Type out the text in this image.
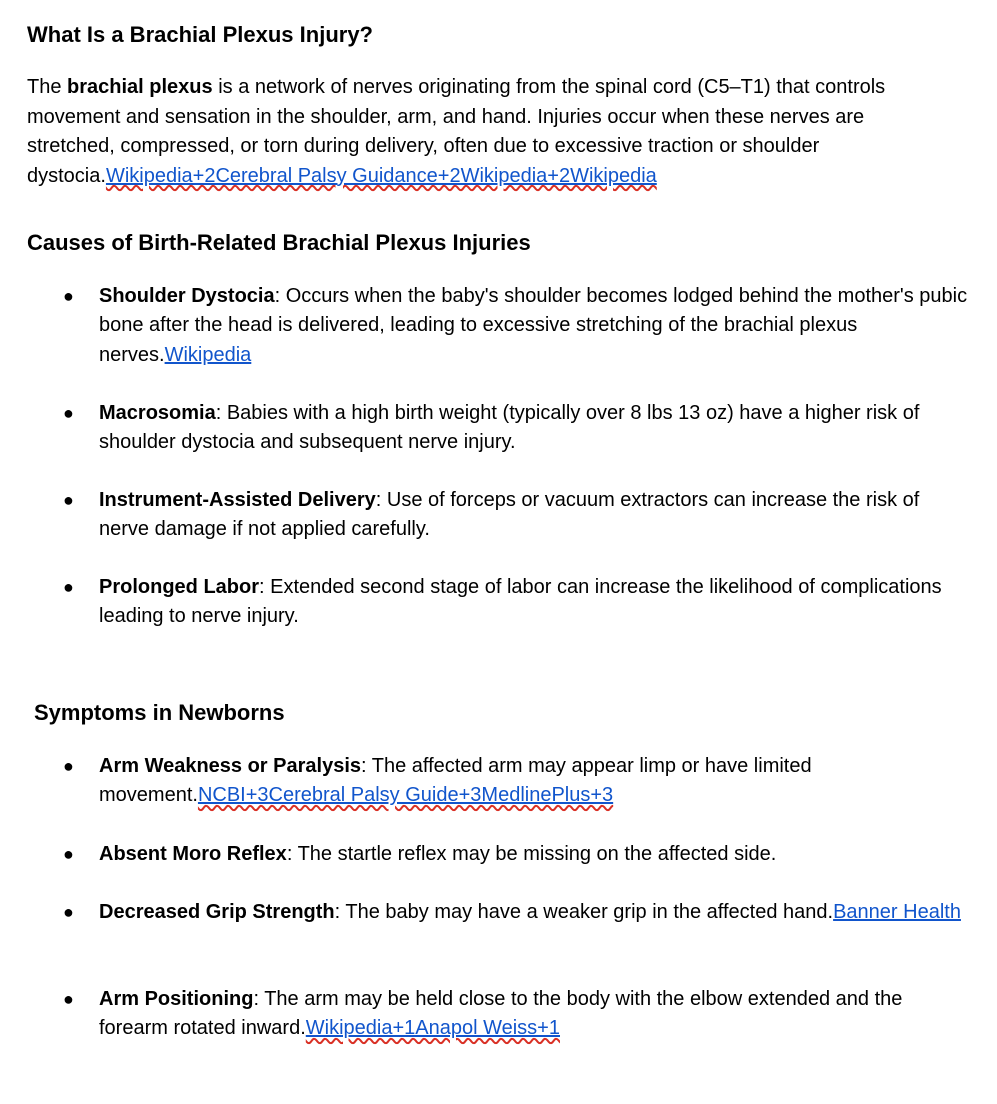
What Is a Brachial Plexus Injury?

The brachial plexus is a network of nerves originating from the spinal cord (C5–T1) that controls movement and sensation in the shoulder, arm, and hand. Injuries occur when these nerves are stretched, compressed, or torn during delivery, often due to excessive traction or shoulder dystocia.Wikipedia+2Cerebral Palsy Guidance+2Wikipedia+2Wikipedia

Causes of Birth-Related Brachial Plexus Injuries
● Shoulder Dystocia: Occurs when the baby's shoulder becomes lodged behind the mother's pubic bone after the head is delivered, leading to excessive stretching of the brachial plexus nerves.Wikipedia
● Macrosomia: Babies with a high birth weight (typically over 8 lbs 13 oz) have a higher risk of shoulder dystocia and subsequent nerve injury.
● Instrument-Assisted Delivery: Use of forceps or vacuum extractors can increase the risk of nerve damage if not applied carefully.
● Prolonged Labor: Extended second stage of labor can increase the likelihood of complications leading to nerve injury.
Symptoms in Newborns
● Arm Weakness or Paralysis: The affected arm may appear limp or have limited movement.NCBI+3Cerebral Palsy Guide+3MedlinePlus+3
● Absent Moro Reflex: The startle reflex may be missing on the affected side.
● Decreased Grip Strength: The baby may have a weaker grip in the affected hand.Banner Health
● Arm Positioning: The arm may be held close to the body with the elbow extended and the forearm rotated inward.Wikipedia+1Anapol Weiss+1
